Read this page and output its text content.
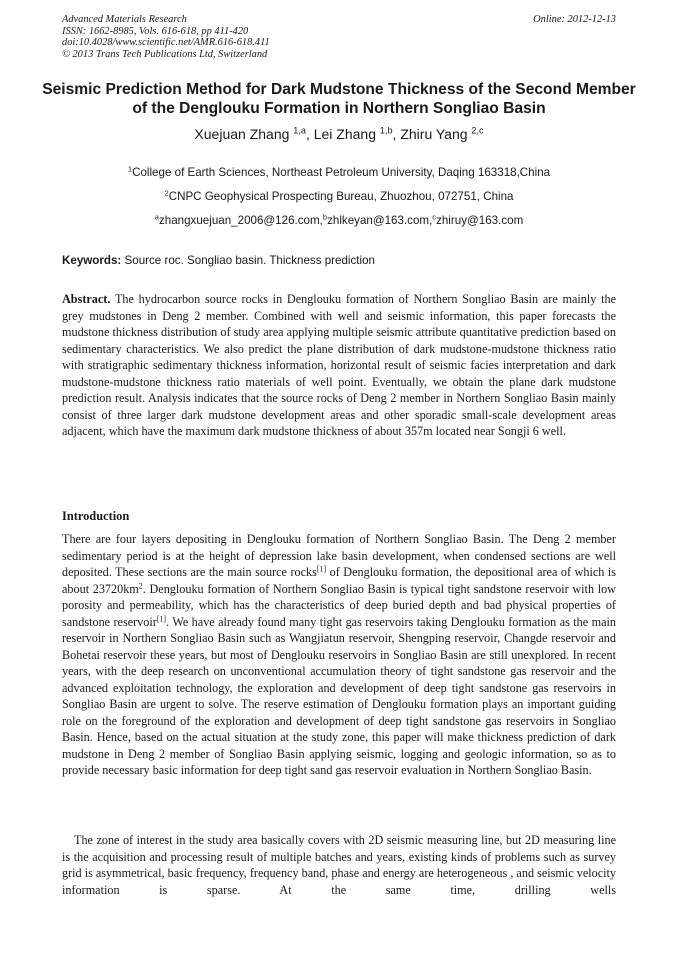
Advanced Materials Research
ISSN: 1662-8985, Vols. 616-618, pp 411-420
doi:10.4028/www.scientific.net/AMR.616-618.411
© 2013 Trans Tech Publications Ltd, Switzerland
Online: 2012-12-13
Seismic Prediction Method for Dark Mudstone Thickness of the Second Member of the Denglouku Formation in Northern Songliao Basin
Xuejuan Zhang $^{1,a}$, Lei Zhang $^{1,b}$, Zhiru Yang $^{2,c}$
$^1$College of Earth Sciences, Northeast Petroleum University, Daqing 163318,China
$^2$CNPC Geophysical Prospecting Bureau, Zhuozhou, 072751, China
$^a$zhangxuejuan_2006@126.com,$^b$zhlkeyan@163.com,$^c$zhiruy@163.com
Keywords: Source roc. Songliao basin. Thickness prediction
Abstract. The hydrocarbon source rocks in Denglouku formation of Northern Songliao Basin are mainly the grey mudstones in Deng 2 member. Combined with well and seismic information, this paper forecasts the mudstone thickness distribution of study area applying multiple seismic attribute quantitative prediction based on sedimentary characteristics. We also predict the plane distribution of dark mudstone-mudstone thickness ratio with stratigraphic sedimentary thickness information, horizontal result of seismic facies interpretation and dark mudstone-mudstone thickness ratio materials of well point. Eventually, we obtain the plane dark mudstone prediction result. Analysis indicates that the source rocks of Deng 2 member in Northern Songliao Basin mainly consist of three larger dark mudstone development areas and other sporadic small-scale development areas adjacent, which have the maximum dark mudstone thickness of about 357m located near Songji 6 well.
Introduction
There are four layers depositing in Denglouku formation of Northern Songliao Basin. The Deng 2 member sedimentary period is at the height of depression lake basin development, when condensed sections are well deposited. These sections are the main source rocks[1] of Denglouku formation, the depositional area of which is about $23720km^2$. Denglouku formation of Northern Songliao Basin is typical tight sandstone reservoir with low porosity and permeability, which has the characteristics of deep buried depth and bad physical properties of sandstone reservoir[1]. We have already found many tight gas reservoirs taking Denglouku formation as the main reservoir in Northern Songliao Basin such as Wangjiatun reservoir, Shengping reservoir, Changde reservoir and Bohetai reservoir these years, but most of Denglouku reservoirs in Songliao Basin are still unexplored. In recent years, with the deep research on unconventional accumulation theory of tight sandstone gas reservoir and the advanced exploitation technology, the exploration and development of deep tight sandstone gas reservoirs in Songliao Basin are urgent to solve. The reserve estimation of Denglouku formation plays an important guiding role on the foreground of the exploration and development of deep tight sandstone gas reservoirs in Songliao Basin. Hence, based on the actual situation at the study zone, this paper will make thickness prediction of dark mudstone in Deng 2 member of Songliao Basin applying seismic, logging and geologic information, so as to provide necessary basic information for deep tight sand gas reservoir evaluation in Northern Songliao Basin.
The zone of interest in the study area basically covers with 2D seismic measuring line, but 2D measuring line is the acquisition and processing result of multiple batches and years, existing kinds of problems such as survey grid is asymmetrical, basic frequency, frequency band, phase and energy are heterogeneous , and seismic velocity information is sparse. At the same time, drilling wells
